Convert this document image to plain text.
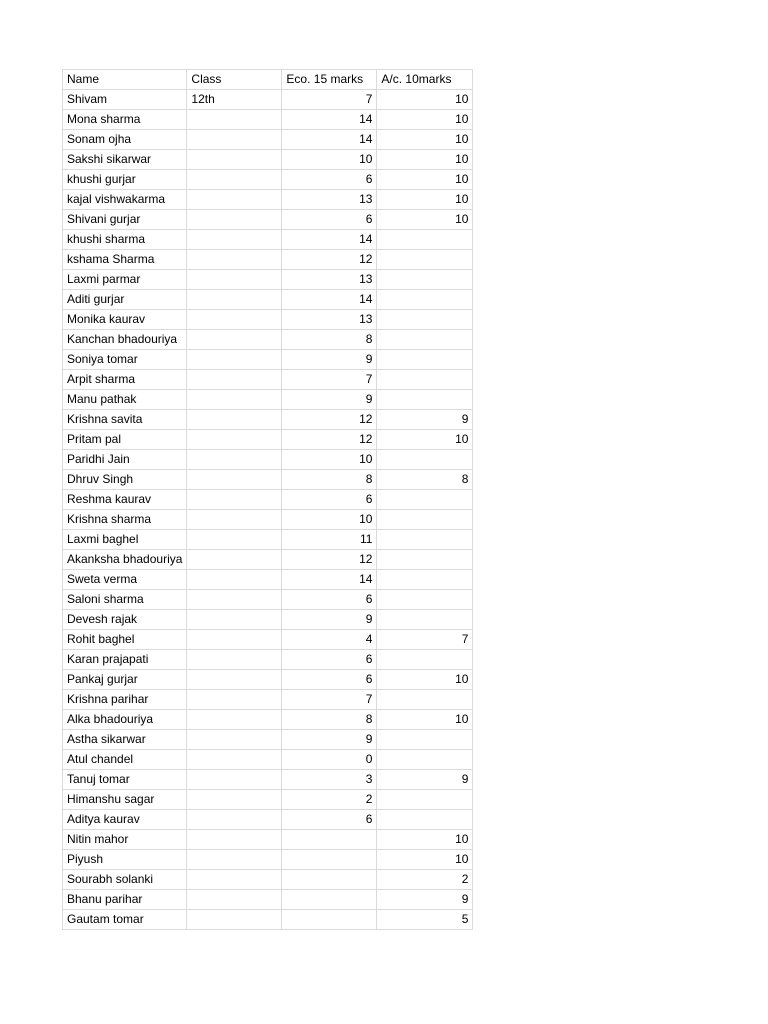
Name	Class	Eco. 15 marks	A/c. 10marks
Shivam	12th	7	10
Mona sharma		14	10
Sonam ojha		14	10
Sakshi sikarwar		10	10
khushi gurjar		6	10
kajal vishwakarma		13	10
Shivani gurjar		6	10
khushi sharma		14	
kshama Sharma		12	
Laxmi parmar		13	
Aditi gurjar		14	
Monika kaurav		13	
Kanchan bhadouriya		8	
Soniya tomar		9	
Arpit sharma		7	
Manu pathak		9	
Krishna savita		12	9
Pritam pal		12	10
Paridhi Jain		10	
Dhruv Singh		8	8
Reshma kaurav		6	
Krishna sharma		10	
Laxmi baghel		11	
Akanksha bhadouriya		12	
Sweta verma		14	
Saloni sharma		6	
Devesh rajak		9	
Rohit baghel		4	7
Karan prajapati		6	
Pankaj gurjar		6	10
Krishna parihar		7	
Alka bhadouriya		8	10
Astha sikarwar		9	
Atul chandel		0	
Tanuj tomar		3	9
Himanshu sagar		2	
Aditya kaurav		6	
Nitin mahor			10
Piyush			10
Sourabh solanki			2
Bhanu parihar			9
Gautam tomar			5
